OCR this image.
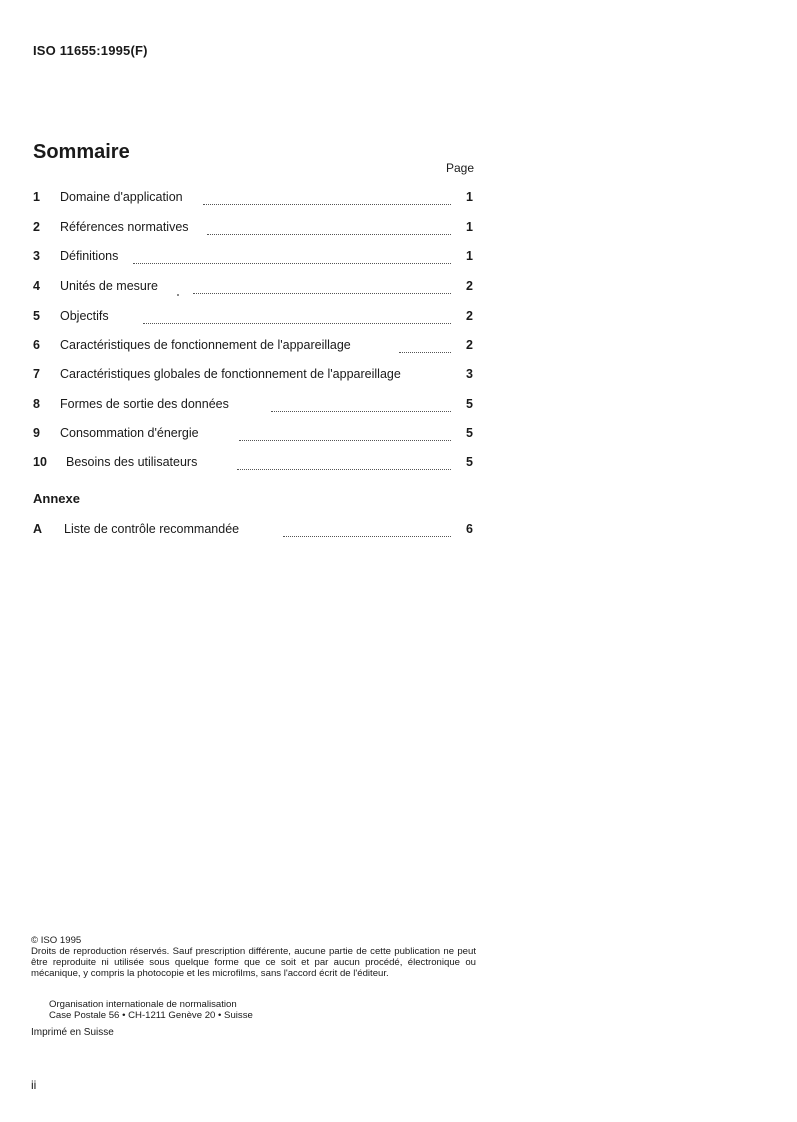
ISO 11655:1995(F)
Sommaire
Page
1	Domaine d'application	1
2	Références normatives	1
3	Définitions	1
4	Unités de mesure	2
5	Objectifs	2
6	Caractéristiques de fonctionnement de l'appareillage	2
7	Caractéristiques globales de fonctionnement de l'appareillage	3
8	Formes de sortie des données	5
9	Consommation d'énergie	5
10	Besoins des utilisateurs	5
Annexe
A	Liste de contrôle recommandée	6
© ISO 1995
Droits de reproduction réservés. Sauf prescription différente, aucune partie de cette publication ne peut être reproduite ni utilisée sous quelque forme que ce soit et par aucun procédé, électronique ou mécanique, y compris la photocopie et les microfilms, sans l'accord écrit de l'éditeur.
Organisation internationale de normalisation
Case Postale 56 • CH-1211 Genève 20 • Suisse
Imprimé en Suisse
ii
